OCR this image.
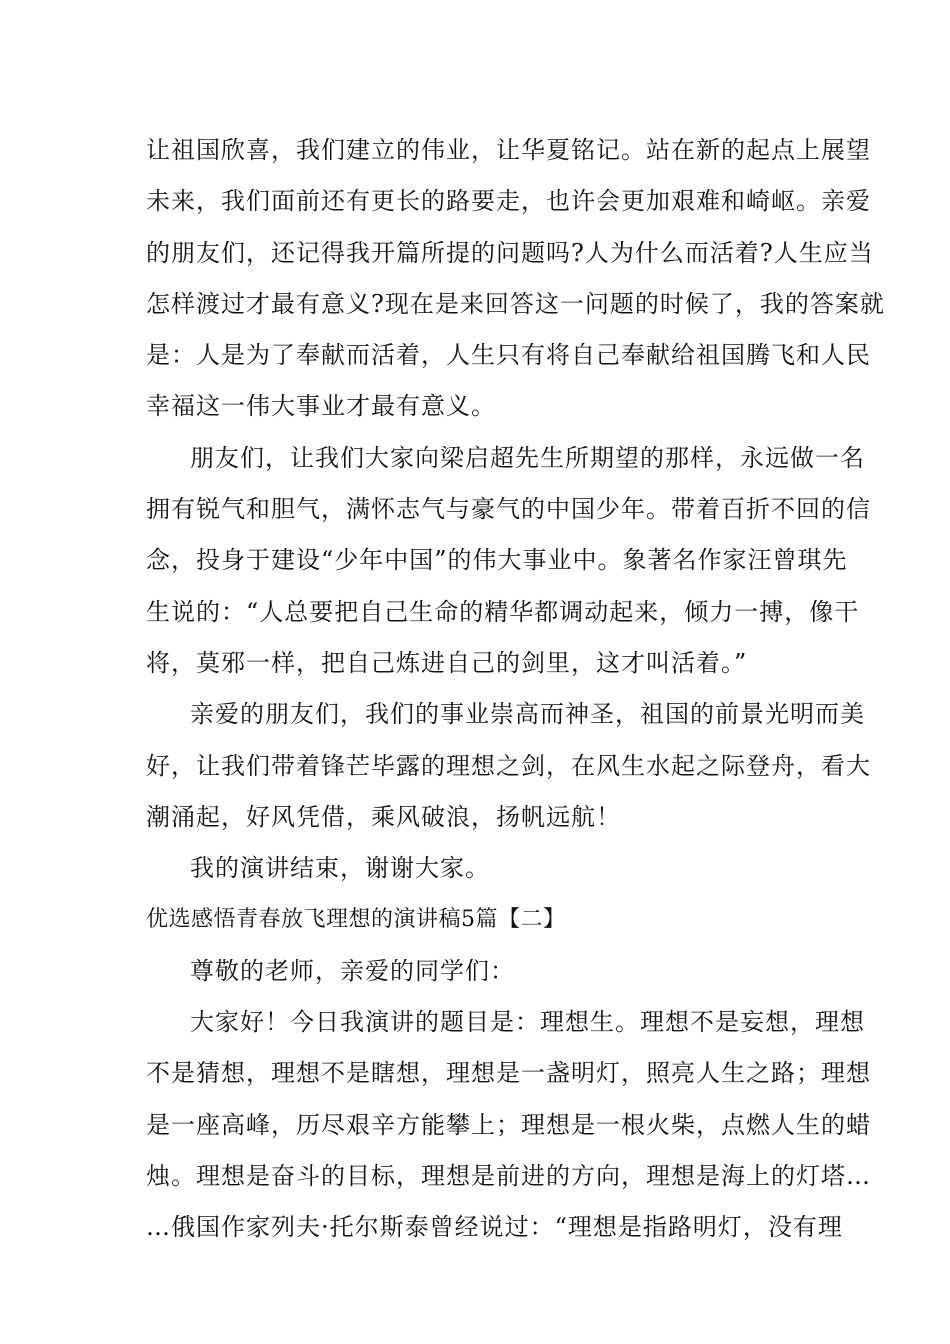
让祖国欣喜，我们建立的伟业，让华夏铭记。站在新的起点上展望
未来，我们面前还有更长的路要走，也许会更加艰难和崎岖。亲爱
的朋友们，还记得我开篇所提的问题吗?人为什么而活着?人生应当
怎样渡过才最有意义?现在是来回答这一问题的时候了，我的答案就
是：人是为了奉献而活着，人生只有将自己奉献给祖国腾飞和人民
幸福这一伟大事业才最有意义。
朋友们，让我们大家向梁启超先生所期望的那样，永远做一名
拥有锐气和胆气，满怀志气与豪气的中国少年。带着百折不回的信
念，投身于建设“少年中国”的伟大事业中。象著名作家汪曾琪先
生说的：“人总要把自己生命的精华都调动起来，倾力一搏，像干
将，莫邪一样，把自己炼进自己的剑里，这才叫活着。”
亲爱的朋友们，我们的事业崇高而神圣，祖国的前景光明而美
好，让我们带着锋芒毕露的理想之剑，在风生水起之际登舟，看大
潮涌起，好风凭借，乘风破浪，扬帆远航！
我的演讲结束，谢谢大家。
优选感悟青春放飞理想的演讲稿5篇【二】
尊敬的老师，亲爱的同学们：
大家好！今日我演讲的题目是：理想生。理想不是妄想，理想
不是猜想，理想不是瞎想，理想是一盏明灯，照亮人生之路；理想
是一座高峰，历尽艰辛方能攀上；理想是一根火柴，点燃人生的蜡
烛。理想是奋斗的目标，理想是前进的方向，理想是海上的灯塔…
…俄国作家列夫·托尔斯泰曾经说过：“理想是指路明灯，没有理
